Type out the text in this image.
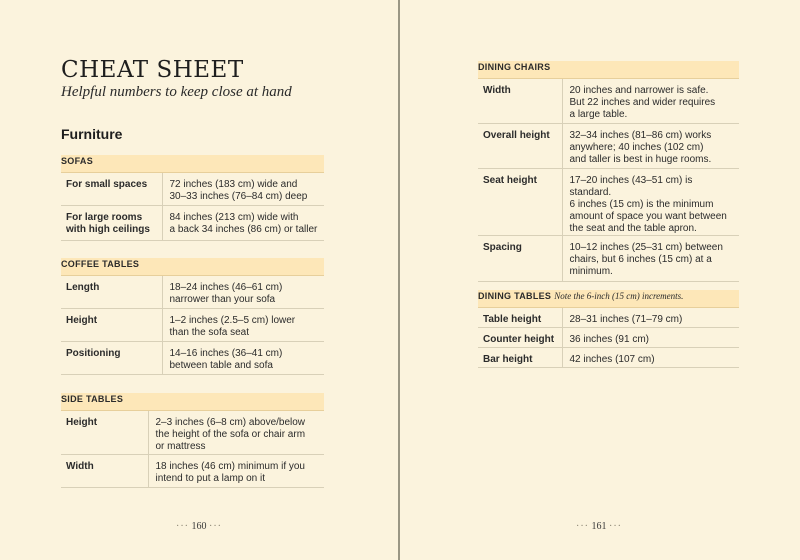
CHEAT SHEET
Helpful numbers to keep close at hand
Furniture
SOFAS	
For small spaces	72 inches (183 cm) wide and
30–33 inches (76–84 cm) deep
For large rooms
with high ceilings	84 inches (213 cm) wide with
a back 34 inches (86 cm) or taller
COFFEE TABLES	
Length	18–24 inches (46–61 cm)
narrower than your sofa
Height	1–2 inches (2.5–5 cm) lower
than the sofa seat
Positioning	14–16 inches (36–41 cm)
between table and sofa
SIDE TABLES	
Height	2–3 inches (6–8 cm) above/below
the height of the sofa or chair arm
or mattress
Width	18 inches (46 cm) minimum if you
intend to put a lamp on it
··· 160 ···
DINING CHAIRS	
Width	20 inches and narrower is safe.
But 22 inches and wider requires
a large table.
Overall height	32–34 inches (81–86 cm) works
anywhere; 40 inches (102 cm)
and taller is best in huge rooms.
Seat height	17–20 inches (43–51 cm) is standard.
6 inches (15 cm) is the minimum
amount of space you want between
the seat and the table apron.
Spacing	10–12 inches (25–31 cm) between
chairs, but 6 inches (15 cm) at a
minimum.
DINING TABLES Note the 6-inch (15 cm) increments.	
Table height	28–31 inches (71–79 cm)
Counter height	36 inches (91 cm)
Bar height	42 inches (107 cm)
··· 161 ···
